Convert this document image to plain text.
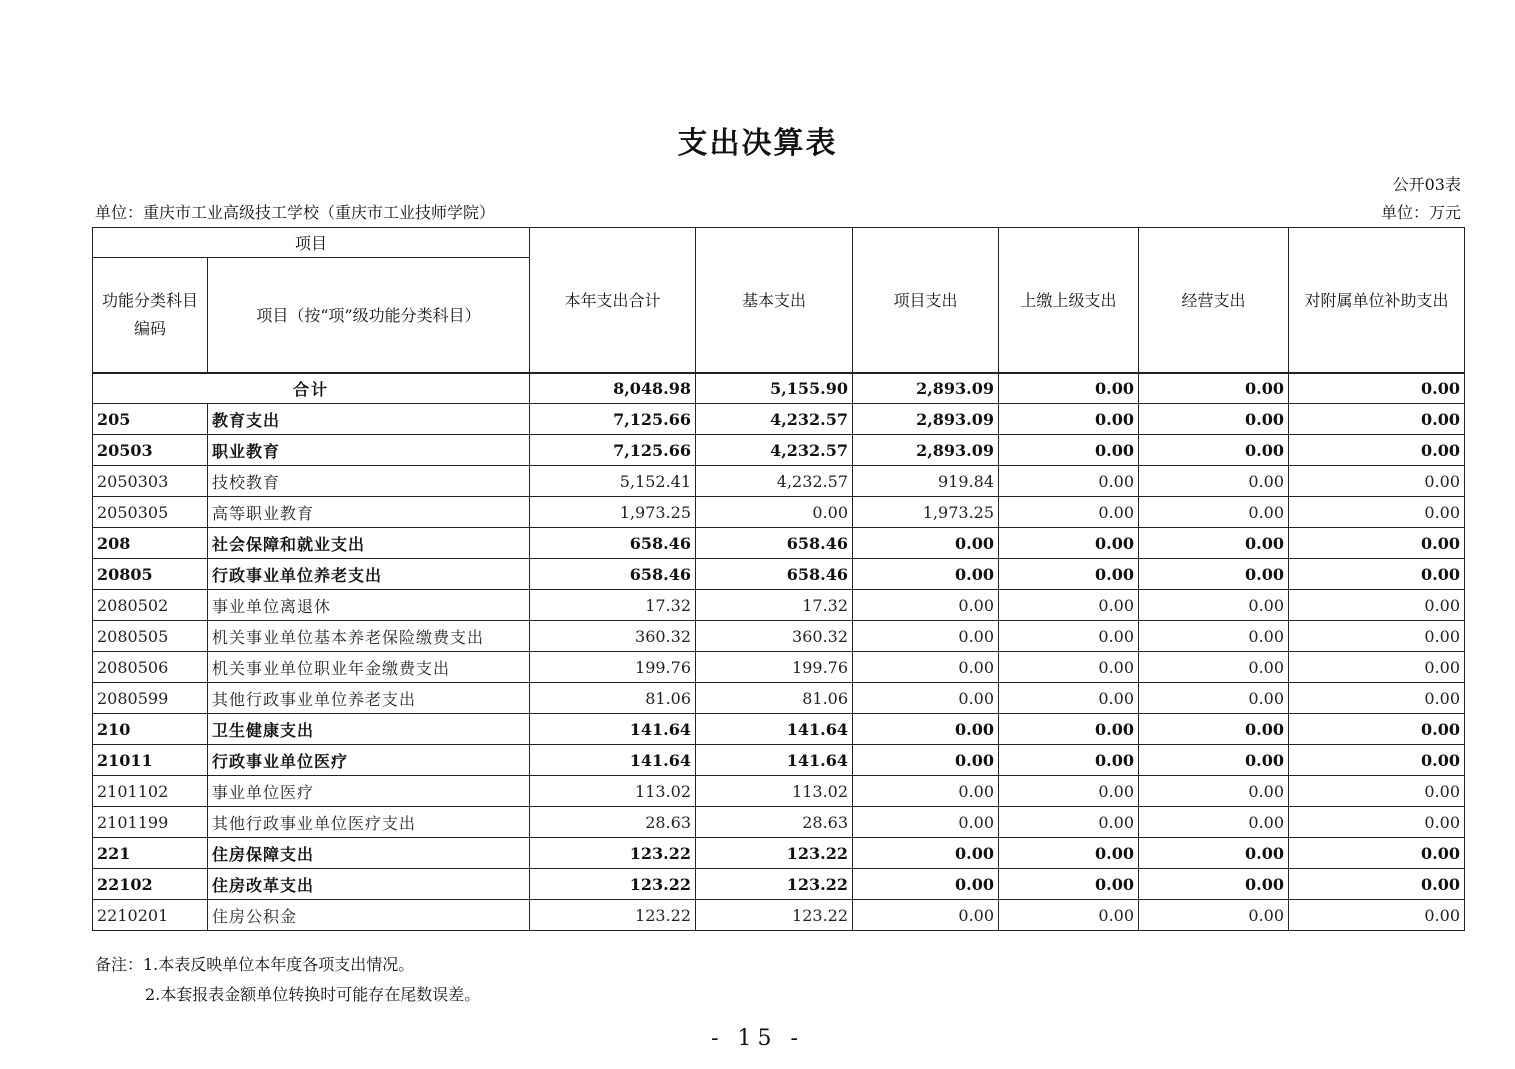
支出决算表
公开03表
单位：重庆市工业高级技工学校（重庆市工业技师学院）	单位：万元
项目		本年支出合计	基本支出	项目支出	上缴上级支出	经营支出	对附属单位补助支出
功能分类科目编码	项目（按“项”级功能分类科目）						
合计		8,048.98	5,155.90	2,893.09	0.00	0.00	0.00
205	教育支出	7,125.66	4,232.57	2,893.09	0.00	0.00	0.00
20503	职业教育	7,125.66	4,232.57	2,893.09	0.00	0.00	0.00
2050303	技校教育	5,152.41	4,232.57	919.84	0.00	0.00	0.00
2050305	高等职业教育	1,973.25	0.00	1,973.25	0.00	0.00	0.00
208	社会保障和就业支出	658.46	658.46	0.00	0.00	0.00	0.00
20805	行政事业单位养老支出	658.46	658.46	0.00	0.00	0.00	0.00
2080502	事业单位离退休	17.32	17.32	0.00	0.00	0.00	0.00
2080505	机关事业单位基本养老保险缴费支出	360.32	360.32	0.00	0.00	0.00	0.00
2080506	机关事业单位职业年金缴费支出	199.76	199.76	0.00	0.00	0.00	0.00
2080599	其他行政事业单位养老支出	81.06	81.06	0.00	0.00	0.00	0.00
210	卫生健康支出	141.64	141.64	0.00	0.00	0.00	0.00
21011	行政事业单位医疗	141.64	141.64	0.00	0.00	0.00	0.00
2101102	事业单位医疗	113.02	113.02	0.00	0.00	0.00	0.00
2101199	其他行政事业单位医疗支出	28.63	28.63	0.00	0.00	0.00	0.00
221	住房保障支出	123.22	123.22	0.00	0.00	0.00	0.00
22102	住房改革支出	123.22	123.22	0.00	0.00	0.00	0.00
2210201	住房公积金	123.22	123.22	0.00	0.00	0.00	0.00
备注：1.本表反映单位本年度各项支出情况。
2.本套报表金额单位转换时可能存在尾数误差。
- 15 -
